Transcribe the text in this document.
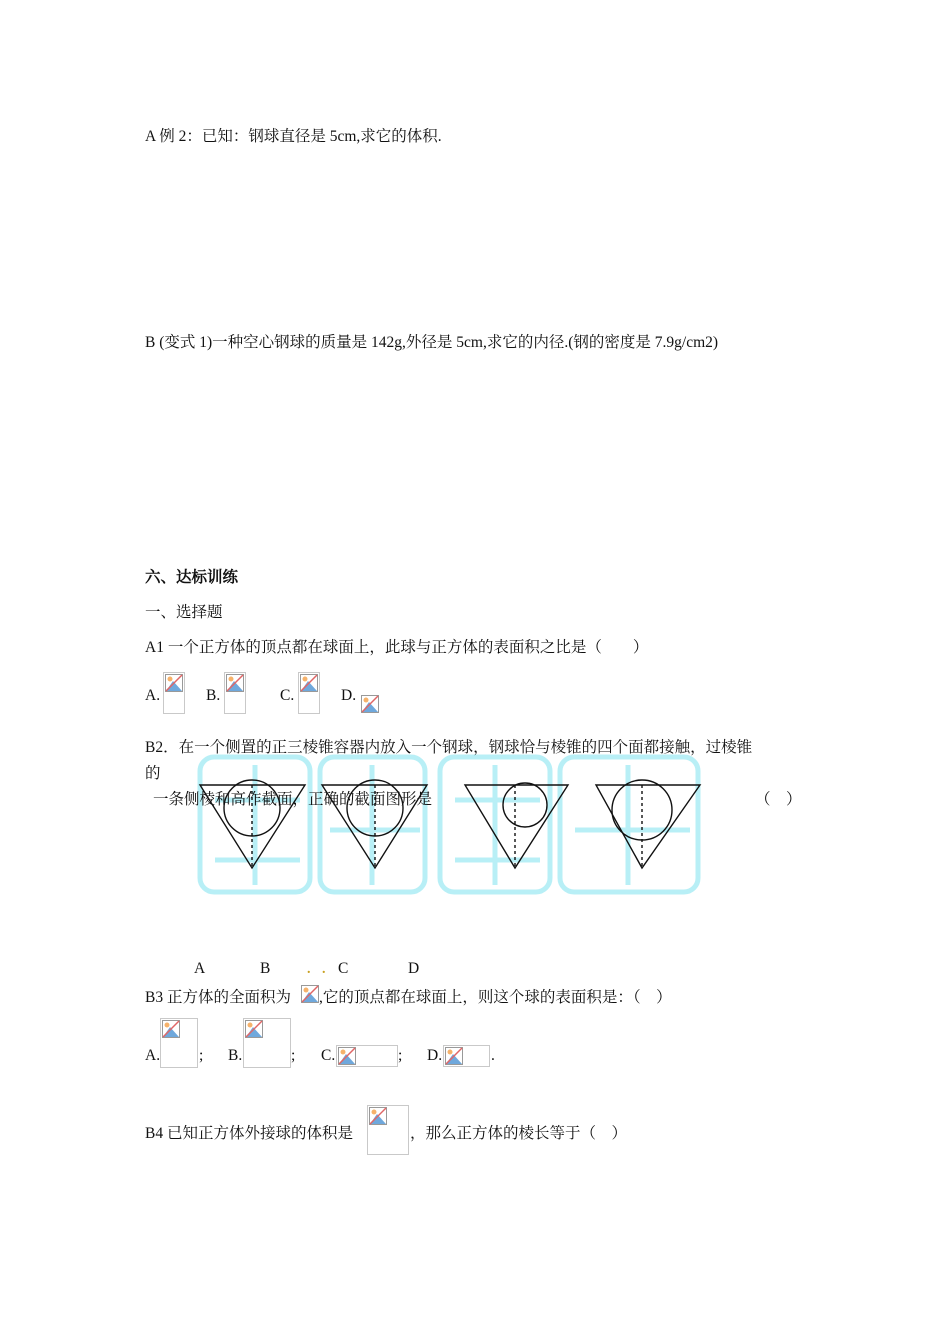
A 例 2：已知：钢球直径是 5cm,求它的体积.
B (变式 1)一种空心钢球的质量是 142g,外径是 5cm,求它的内径.(钢的密度是 7.9g/cm2)
六、达标训练
一、选择题
A1 一个正方体的顶点都在球面上，此球与正方体的表面积之比是（　　）
A.	B.	C.	D.
B2．在一个侧置的正三棱锥容器内放入一个钢球，钢球恰与棱锥的四个面都接触，过棱锥
的
一条侧棱和高作截面，正确的截面图形是	（　）
A	B	. . C	D
B3 正方体的全面积为 ,它的顶点都在球面上，则这个球的表面积是：（　）
A.	; B.	; C.	; D.	.
B4 已知正方体外接球的体积是	，那么正方体的棱长等于（　）
